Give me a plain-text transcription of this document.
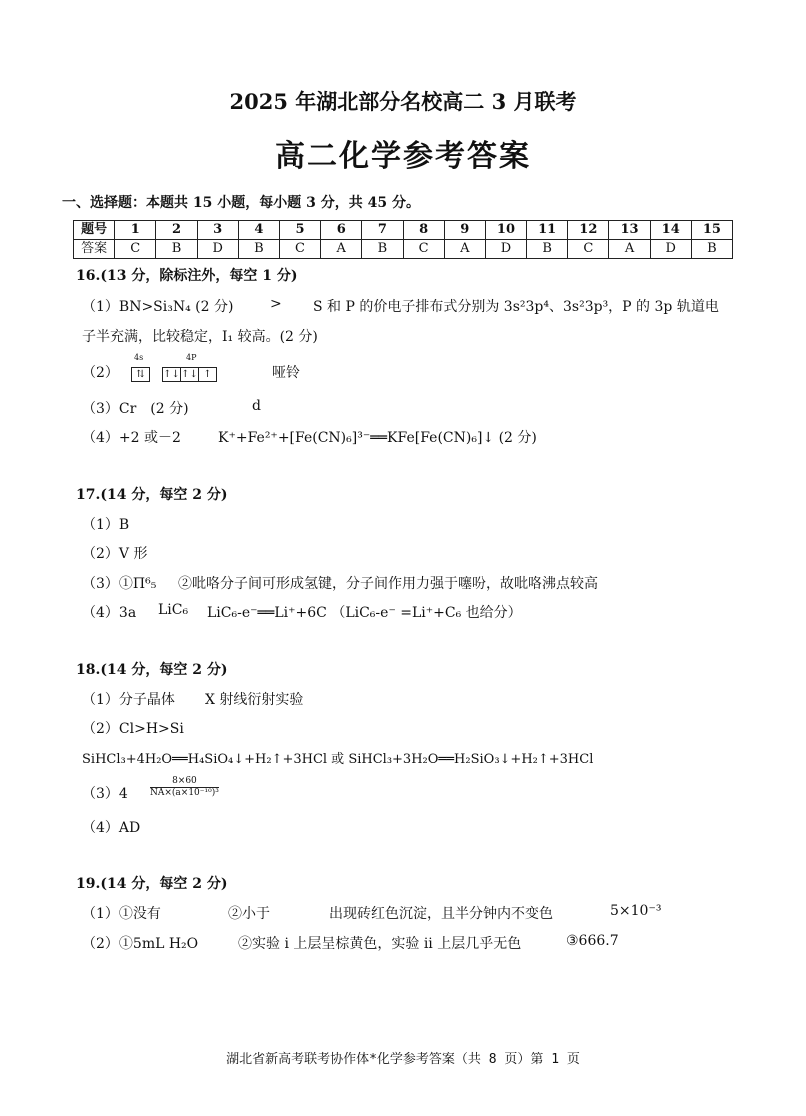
2025 年湖北部分名校高二 3 月联考
高二化学参考答案
一、选择题：本题共 15 小题，每小题 3 分，共 45 分。
题号	1	2	3	4	5	6	7	8	9	10	11	12	13	14	15
答案	C	B	D	B	C	A	B	C	A	D	B	C	A	D	B
16.(13 分，除标注外，每空 1 分)
（1）BN>Si₃N₄ (2 分)	> S 和 P 的价电子排布式分别为 3s²3p⁴、3s²3p³，P 的 3p 轨道电
子半充满，比较稳定，I₁ 较高。(2 分)
（2）
4s	4P
⇅	↑↓↑↓ ↑	哑铃
（3）Cr　(2 分)	d
（4）+2 或－2	K⁺+Fe²⁺+[Fe(CN)₆]³⁻══KFe[Fe(CN)₆]↓ (2 分)
17.(14 分，每空 2 分)
（1）B
（2）V 形
（3）①Π⁶₅ ②吡咯分子间可形成氢键，分子间作用力强于噻吩，故吡咯沸点较高
（4）3a LiC₆ LiC₆-e⁻══Li⁺+6C （LiC₆-e⁻ =Li⁺+C₆ 也给分）
18.(14 分，每空 2 分)
（1）分子晶体 X 射线衍射实验
（2）Cl>H>Si
SiHCl₃+4H₂O══H₄SiO₄↓+H₂↑+3HCl 或 SiHCl₃+3H₂O══H₂SiO₃↓+H₂↑+3HCl
$(3)4 \frac{8\times 60}{\text{NA×(a×10⁻¹⁰)³}}$
（4）AD
19.(14 分，每空 2 分)
（1）①没有	②小于	出现砖红色沉淀，且半分钟内不变色	5×10⁻³
（2）①5mL H₂O	②实验 i 上层呈棕黄色，实验 ii 上层几乎无色	③666.7
湖北省新高考联考协作体*化学参考答案（共 8 页）第 1 页
